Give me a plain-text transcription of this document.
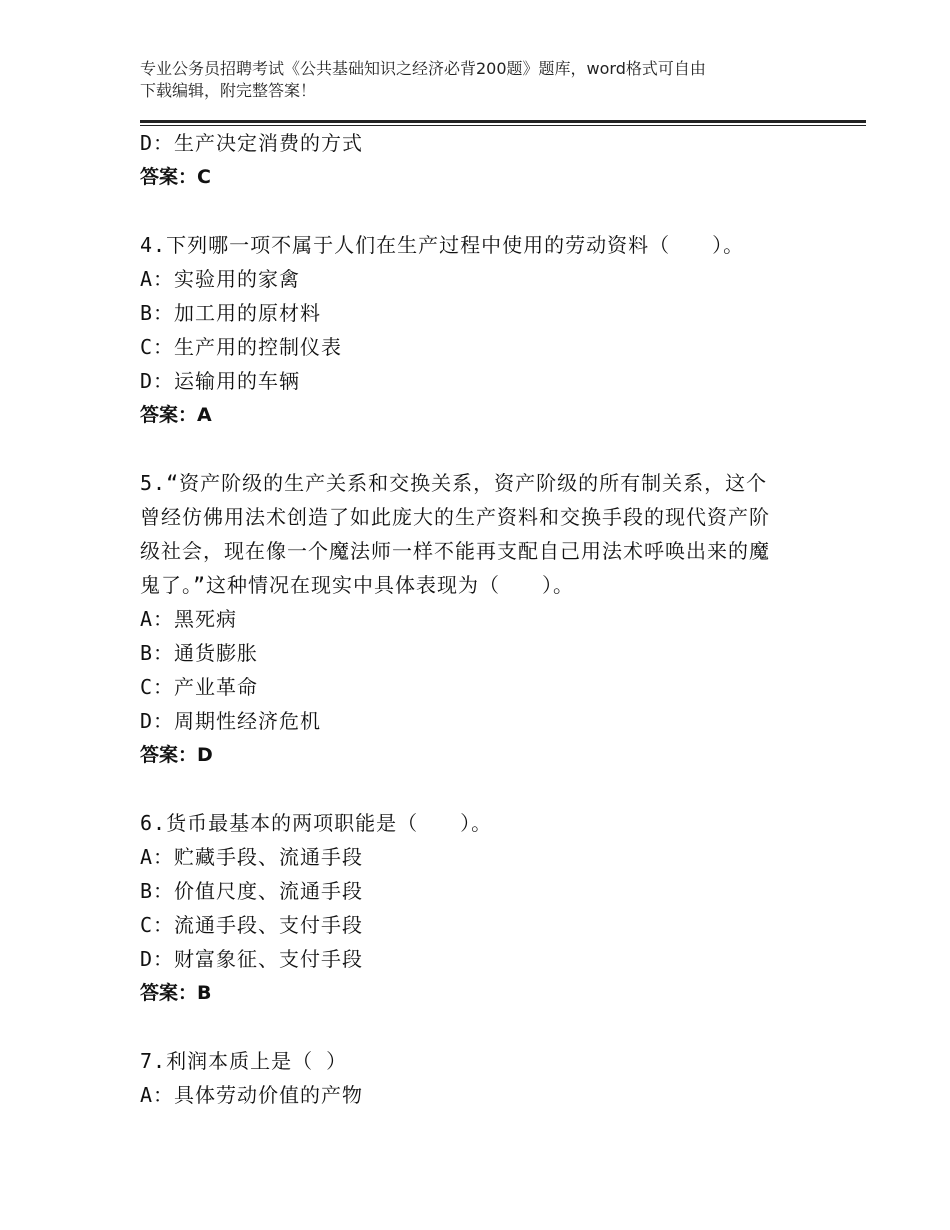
专业公务员招聘考试《公共基础知识之经济必背200题》题库，word格式可自由
下载编辑，附完整答案！
D：生产决定消费的方式
答案：C
4.下列哪一项不属于人们在生产过程中使用的劳动资料（　　）。
A：实验用的家禽
B：加工用的原材料
C：生产用的控制仪表
D：运输用的车辆
答案：A
5.“资产阶级的生产关系和交换关系，资产阶级的所有制关系，这个
曾经仿佛用法术创造了如此庞大的生产资料和交换手段的现代资产阶
级社会，现在像一个魔法师一样不能再支配自己用法术呼唤出来的魔
鬼了。”这种情况在现实中具体表现为（　　）。
A：黑死病
B：通货膨胀
C：产业革命
D：周期性经济危机
答案：D
6.货币最基本的两项职能是（　　）。
A：贮藏手段、流通手段
B：价值尺度、流通手段
C：流通手段、支付手段
D：财富象征、支付手段
答案：B
7.利润本质上是（ ）
A：具体劳动价值的产物
